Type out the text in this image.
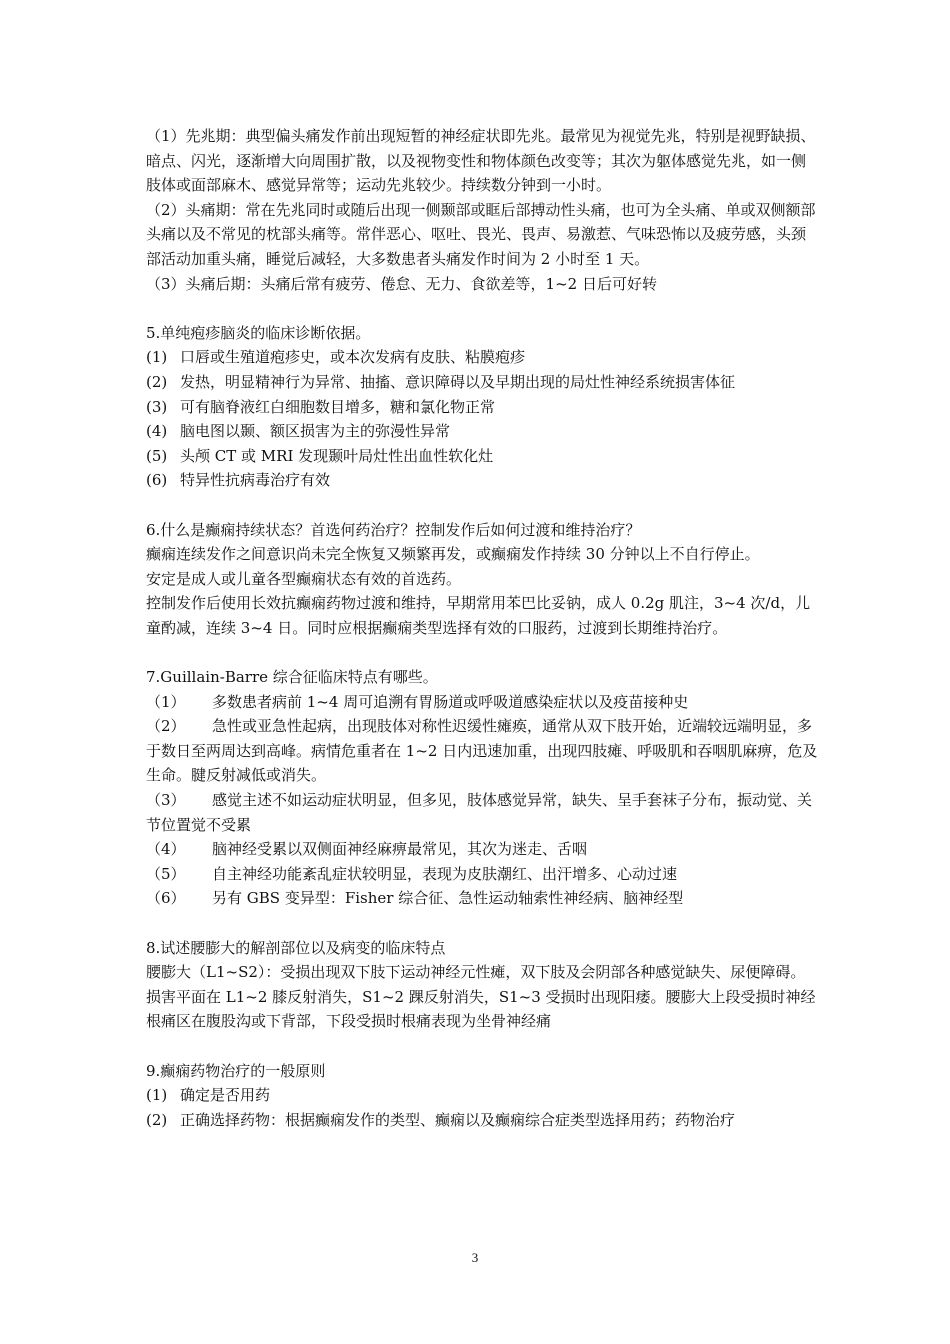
（1）先兆期：典型偏头痛发作前出现短暂的神经症状即先兆。最常见为视觉先兆，特别是视野缺损、暗点、闪光，逐渐增大向周围扩散，以及视物变性和物体颜色改变等；其次为躯体感觉先兆，如一侧肢体或面部麻木、感觉异常等；运动先兆较少。持续数分钟到一小时。

（2）头痛期：常在先兆同时或随后出现一侧颞部或眶后部搏动性头痛，也可为全头痛、单或双侧额部头痛以及不常见的枕部头痛等。常伴恶心、呕吐、畏光、畏声、易激惹、气味恐怖以及疲劳感，头颈部活动加重头痛，睡觉后减轻，大多数患者头痛发作时间为 2 小时至 1 天。

（3）头痛后期：头痛后常有疲劳、倦怠、无力、食欲差等，1~2 日后可好转

5.单纯疱疹脑炎的临床诊断依据。

(1) 口唇或生殖道疱疹史，或本次发病有皮肤、粘膜疱疹
(2) 发热，明显精神行为异常、抽搐、意识障碍以及早期出现的局灶性神经系统损害体征
(3) 可有脑脊液红白细胞数目增多，糖和氯化物正常
(4) 脑电图以颞、额区损害为主的弥漫性异常
(5) 头颅 CT 或 MRI 发现颞叶局灶性出血性软化灶
(6) 特异性抗病毒治疗有效

6.什么是癫痫持续状态？首选何药治疗？控制发作后如何过渡和维持治疗？

癫痫连续发作之间意识尚未完全恢复又频繁再发，或癫痫发作持续 30 分钟以上不自行停止。

安定是成人或儿童各型癫痫状态有效的首选药。

控制发作后使用长效抗癫痫药物过渡和维持，早期常用苯巴比妥钠，成人 0.2g 肌注，3~4 次/d，儿童酌减，连续 3~4 日。同时应根据癫痫类型选择有效的口服药，过渡到长期维持治疗。

7.Guillain-Barre 综合征临床特点有哪些。

（1） 多数患者病前 1~4 周可追溯有胃肠道或呼吸道感染症状以及疫苗接种史
（2） 急性或亚急性起病，出现肢体对称性迟缓性瘫痪，通常从双下肢开始，近端较远端明显，多于数日至两周达到高峰。病情危重者在 1~2 日内迅速加重，出现四肢瘫、呼吸肌和吞咽肌麻痹，危及生命。腱反射减低或消失。
（3） 感觉主述不如运动症状明显，但多见，肢体感觉异常，缺失、呈手套袜子分布，振动觉、关节位置觉不受累
（4） 脑神经受累以双侧面神经麻痹最常见，其次为迷走、舌咽
（5） 自主神经功能紊乱症状较明显，表现为皮肤潮红、出汗增多、心动过速
（6） 另有 GBS 变异型：Fisher 综合征、急性运动轴索性神经病、脑神经型

8.试述腰膨大的解剖部位以及病变的临床特点

腰膨大（L1~S2）：受损出现双下肢下运动神经元性瘫，双下肢及会阴部各种感觉缺失、尿便障碍。损害平面在 L1~2 膝反射消失，S1~2 踝反射消失，S1~3 受损时出现阳痿。腰膨大上段受损时神经根痛区在腹股沟或下背部，下段受损时根痛表现为坐骨神经痛

9.癫痫药物治疗的一般原则

(1) 确定是否用药
(2) 正确选择药物：根据癫痫发作的类型、癫痫以及癫痫综合症类型选择用药；药物治疗
3
